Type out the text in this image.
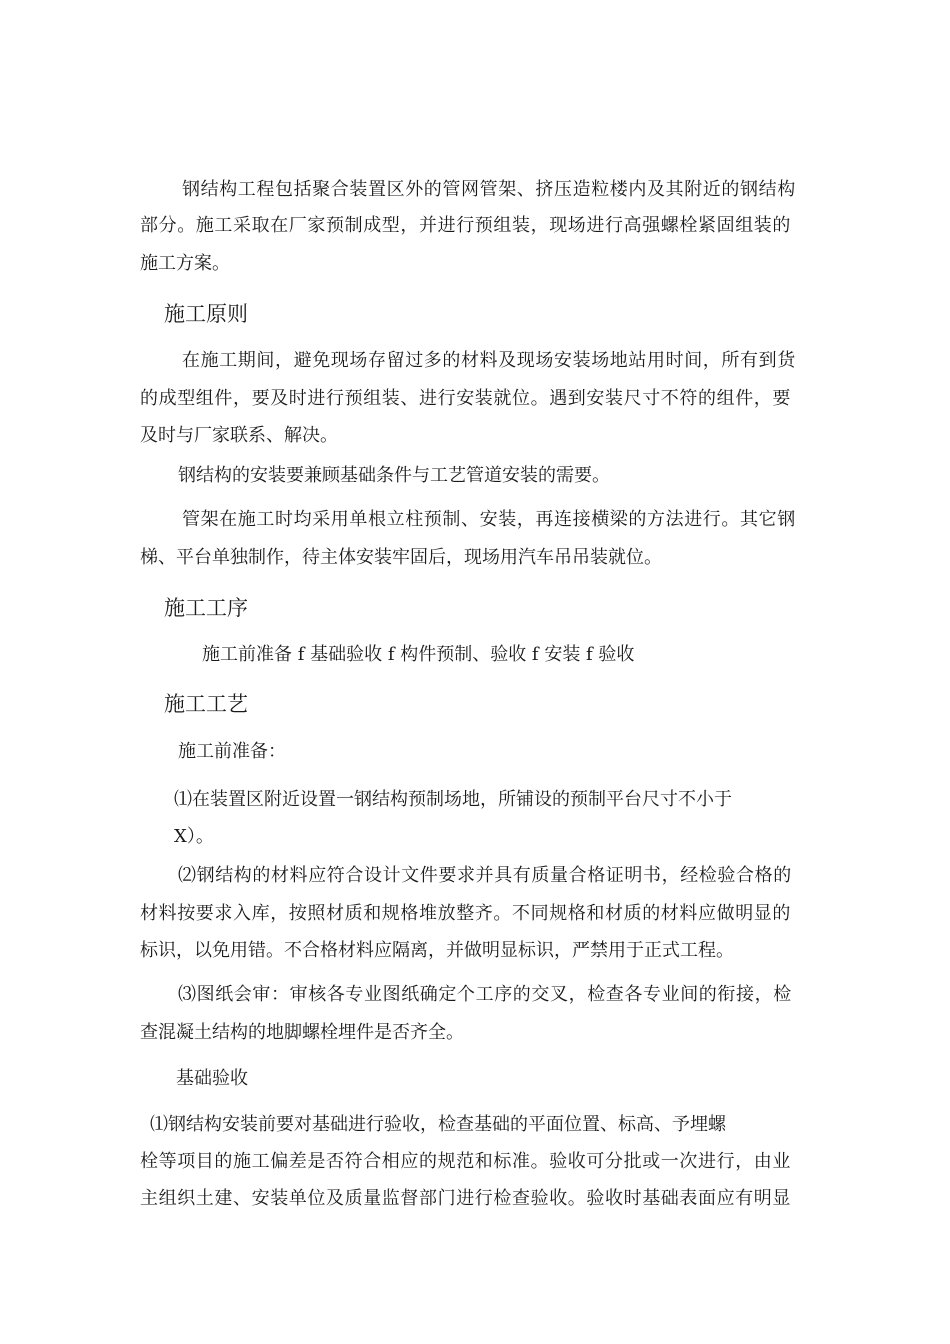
钢结构工程包括聚合装置区外的管网管架、挤压造粒楼内及其附近的钢结构
部分。施工采取在厂家预制成型，并进行预组装，现场进行高强螺栓紧固组装的
施工方案。
施工原则
在施工期间，避免现场存留过多的材料及现场安装场地站用时间，所有到货
的成型组件，要及时进行预组装、进行安装就位。遇到安装尺寸不符的组件，要
及时与厂家联系、解决。
钢结构的安装要兼顾基础条件与工艺管道安装的需要。
管架在施工时均采用单根立柱预制、安装，再连接横梁的方法进行。其它钢
梯、平台单独制作，待主体安装牢固后，现场用汽车吊吊装就位。
施工工序
施工前准备 f 基础验收 f 构件预制、验收 f 安装 f 验收
施工工艺
施工前准备：
⑴在装置区附近设置一钢结构预制场地，所铺设的预制平台尺寸不小于
X）。
⑵钢结构的材料应符合设计文件要求并具有质量合格证明书，经检验合格的
材料按要求入库，按照材质和规格堆放整齐。不同规格和材质的材料应做明显的
标识，以免用错。不合格材料应隔离，并做明显标识，严禁用于正式工程。
⑶图纸会审：审核各专业图纸确定个工序的交叉，检查各专业间的衔接，检
查混凝土结构的地脚螺栓埋件是否齐全。
基础验收
⑴钢结构安装前要对基础进行验收，检查基础的平面位置、标高、予埋螺
栓等项目的施工偏差是否符合相应的规范和标准。验收可分批或一次进行，由业
主组织土建、安装单位及质量监督部门进行检查验收。验收时基础表面应有明显
